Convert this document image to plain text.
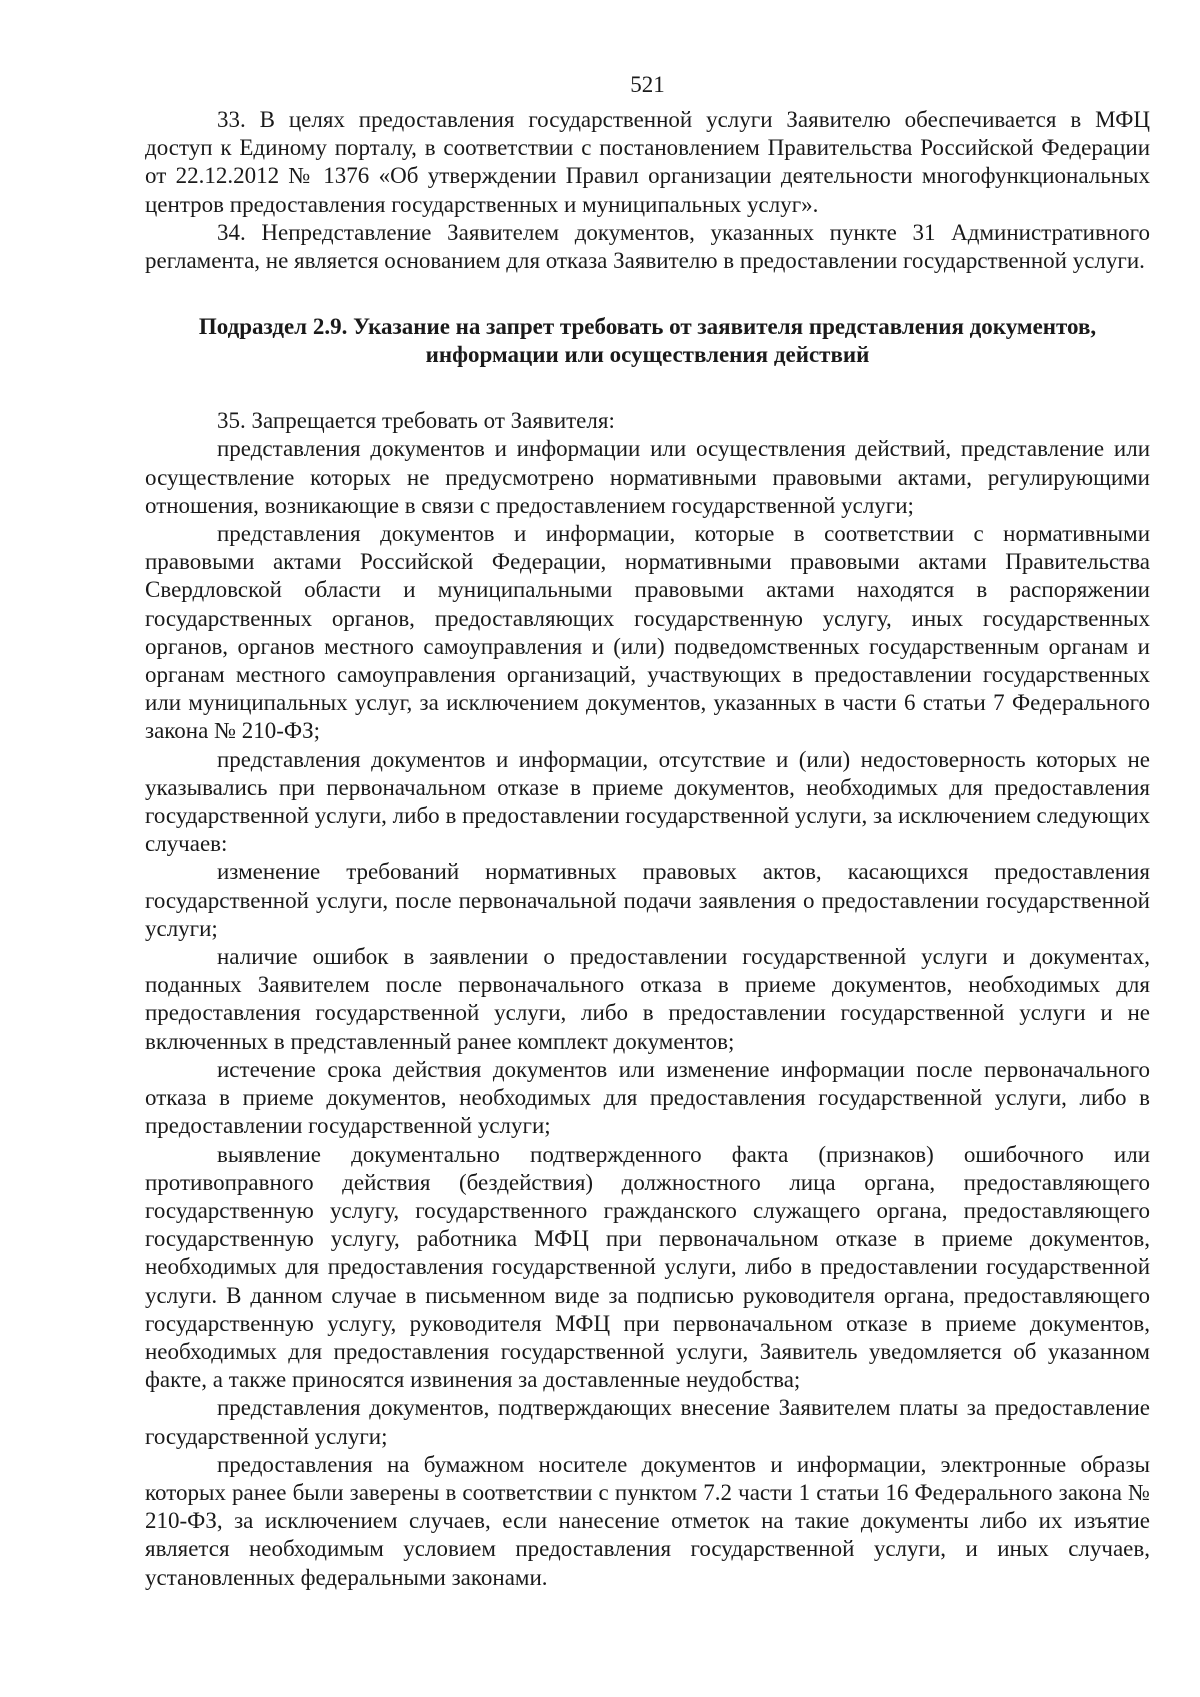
521

33. В целях предоставления государственной услуги Заявителю обеспечивается в МФЦ доступ к Единому порталу, в соответствии с постановлением Правительства Российской Федерации от 22.12.2012 № 1376 «Об утверждении Правил организации деятельности многофункциональных центров предоставления государственных и муниципальных услуг».

34. Непредставление Заявителем документов, указанных пункте 31 Административного регламента, не является основанием для отказа Заявителю в предоставлении государственной услуги.

Подраздел 2.9. Указание на запрет требовать от заявителя представления документов,
информации или осуществления действий

35. Запрещается требовать от Заявителя:

представления документов и информации или осуществления действий, представление или осуществление которых не предусмотрено нормативными правовыми актами, регулирующими отношения, возникающие в связи с предоставлением государственной услуги;

представления документов и информации, которые в соответствии с нормативными правовыми актами Российской Федерации, нормативными правовыми актами Правительства Свердловской области и муниципальными правовыми актами находятся в распоряжении государственных органов, предоставляющих государственную услугу, иных государственных органов, органов местного самоуправления и (или) подведомственных государственным органам и органам местного самоуправления организаций, участвующих в предоставлении государственных или муниципальных услуг, за исключением документов, указанных в части 6 статьи 7 Федерального закона № 210-ФЗ;

представления документов и информации, отсутствие и (или) недостоверность которых не указывались при первоначальном отказе в приеме документов, необходимых для предоставления государственной услуги, либо в предоставлении государственной услуги, за исключением следующих случаев:

изменение требований нормативных правовых актов, касающихся предоставления государственной услуги, после первоначальной подачи заявления о предоставлении государственной услуги;

наличие ошибок в заявлении о предоставлении государственной услуги и документах, поданных Заявителем после первоначального отказа в приеме документов, необходимых для предоставления государственной услуги, либо в предоставлении государственной услуги и не включенных в представленный ранее комплект документов;

истечение срока действия документов или изменение информации после первоначального отказа в приеме документов, необходимых для предоставления государственной услуги, либо в предоставлении государственной услуги;

выявление документально подтвержденного факта (признаков) ошибочного или противоправного действия (бездействия) должностного лица органа, предоставляющего государственную услугу, государственного гражданского служащего органа, предоставляющего государственную услугу, работника МФЦ при первоначальном отказе в приеме документов, необходимых для предоставления государственной услуги, либо в предоставлении государственной услуги. В данном случае в письменном виде за подписью руководителя органа, предоставляющего государственную услугу, руководителя МФЦ при первоначальном отказе в приеме документов, необходимых для предоставления государственной услуги, Заявитель уведомляется об указанном факте, а также приносятся извинения за доставленные неудобства;

представления документов, подтверждающих внесение Заявителем платы за предоставление государственной услуги;

предоставления на бумажном носителе документов и информации, электронные образы которых ранее были заверены в соответствии с пунктом 7.2 части 1 статьи 16 Федерального закона № 210-ФЗ, за исключением случаев, если нанесение отметок на такие документы либо их изъятие является необходимым условием предоставления государственной услуги, и иных случаев, установленных федеральными законами.
